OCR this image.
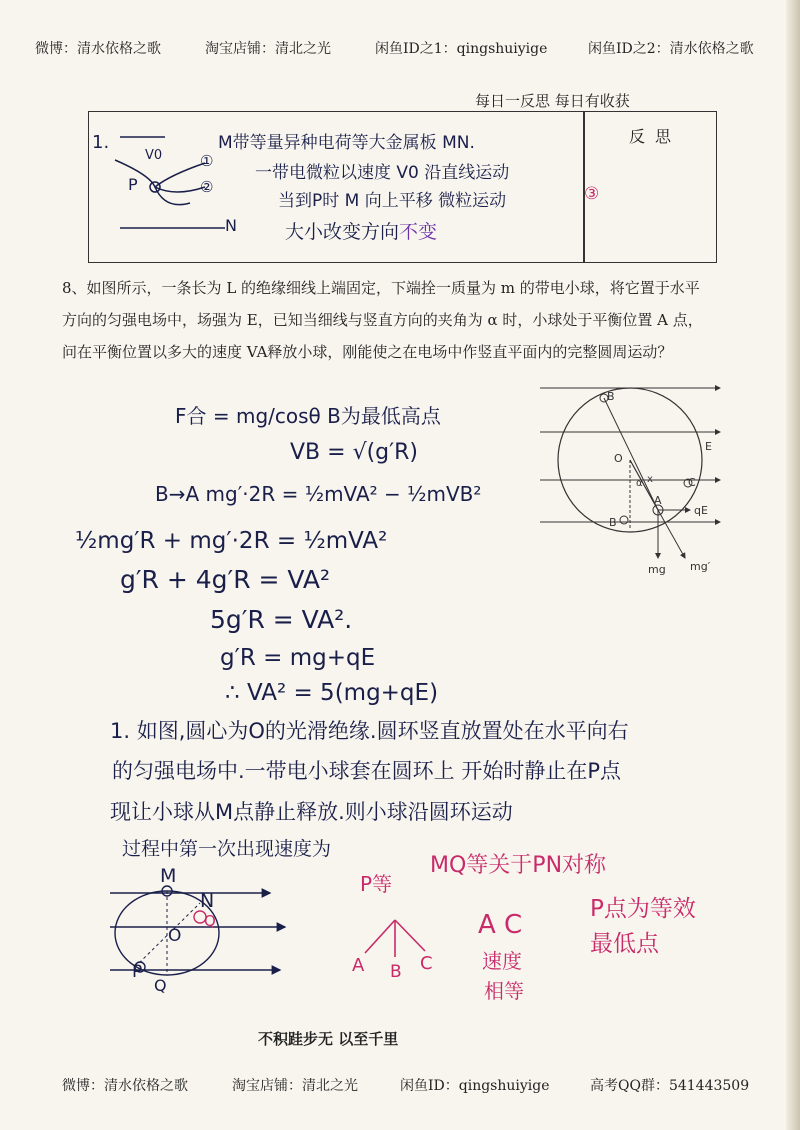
微博：清水依格之歌	淘宝店铺：清北之光	闲鱼ID之1：qingshuiyige	闲鱼ID之2：清水依格之歌
每日一反思 每日有收获
反思
1.
V0
P
①
②
N
M带等量异种电荷等大金属板 MN.
一带电微粒以速度 V0 沿直线运动
当到P时 M 向上平移 微粒运动	③
大小改变方向不变

8、如图所示，一条长为 L 的绝缘细线上端固定，下端拴一质量为 m 的带电小球，将它置于水平

方向的匀强电场中，场强为 E，已知当细线与竖直方向的夹角为 α 时，小球处于平衡位置 A 点，

问在平衡位置以多大的速度 VA释放小球，刚能使之在电场中作竖直平面内的完整圆周运动？

B
E
O
α x
A
C
B
qE
mg mg′
F合 = mg/cosθ B为最低高点
VB = √(g′R)
B→A mg′·2R = ½mVA² − ½mVB²
½mg′R + mg′·2R = ½mVA²
g′R + 4g′R = VA²
5g′R = VA².
g′R = mg+qE
∴ VA² = 5(mg+qE)
1. 如图,圆心为O的光滑绝缘.圆环竖直放置处在水平向右
的匀强电场中.一带电小球套在圆环上 开始时静止在P点
现让小球从M点静止释放.则小球沿圆环运动
过程中第一次出现速度为
M
N
O
Q
P
Q
P等
MQ等关于PN对称
P点为等效
最低点
A B C
A C
速度
相等
不积跬步无 以至千里
微博：清水依格之歌	淘宝店铺：清北之光	闲鱼ID：qingshuiyige	高考QQ群：541443509
